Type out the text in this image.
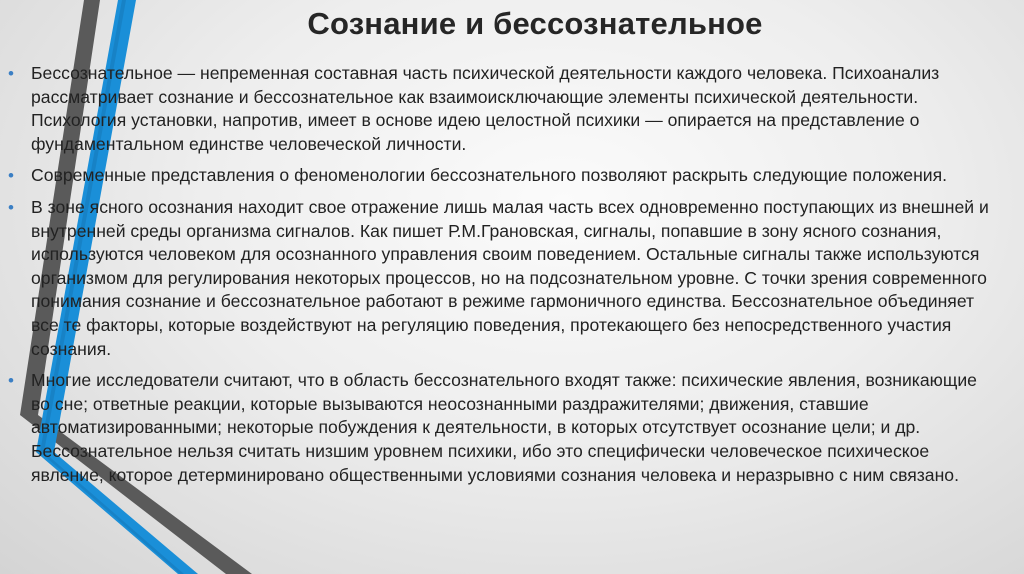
Сознание и бессознательное
• Бессознательное — непременная составная часть психической деятельности каждого человека. Психоанализ рассматривает сознание и бессознательное как взаимоисключающие элементы психической деятельности. Психология установки, напротив, имеет в основе идею целостной психики — опирается на представление о фундаментальном единстве человеческой личности.
• Современные представления о феноменологии бессознательного позволяют раскрыть следующие положения.
• В зоне ясного осознания находит свое отражение лишь малая часть всех одновременно поступающих из внешней и внутренней среды организма сигналов. Как пишет Р.М.Грановская, сигналы, попавшие в зону ясного сознания, используются человеком для осознанного управления своим поведением. Остальные сигналы также используются организмом для регулирования некоторых процессов, но на подсознательном уровне. С точки зрения современного понимания сознание и бессознательное работают в режиме гармоничного единства. Бессознательное объединяет все те факторы, которые воздействуют на регуляцию поведения, протекающего без непосредственного участия сознания.
• Многие исследователи считают, что в область бессознательного входят также: психические явления, возникающие во сне; ответные реакции, которые вызываются неосознанными раздражителями; движения, ставшие автоматизированными; некоторые побуждения к деятельности, в которых отсутствует осознание цели; и др. Бессознательное нельзя считать низшим уровнем психики, ибо это специфически человеческое психическое явление, которое детерминировано общественными условиями сознания человека и неразрывно с ним связано.
